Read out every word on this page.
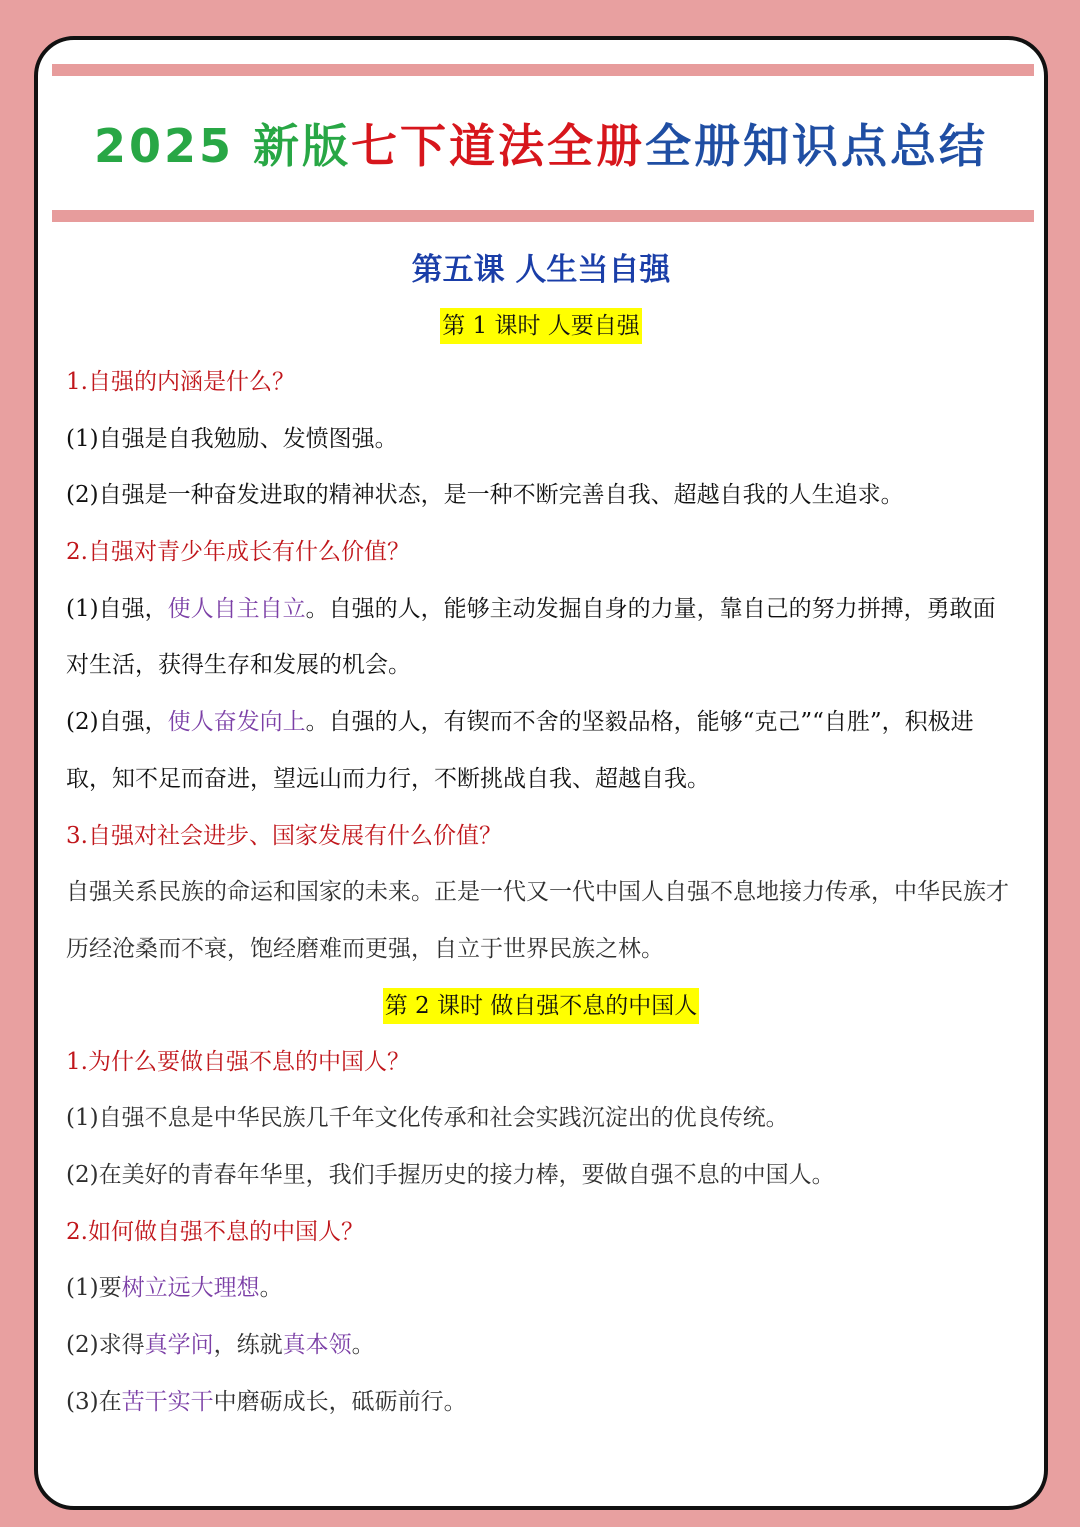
2025 新版七下道法全册全册知识点总结
第五课 人生当自强
第 1 课时 人要自强
1.自强的内涵是什么？
(1)自强是自我勉励、发愤图强。
(2)自强是一种奋发进取的精神状态，是一种不断完善自我、超越自我的人生追求。
2.自强对青少年成长有什么价值？
(1)自强，使人自主自立。自强的人，能够主动发掘自身的力量，靠自己的努力拼搏，勇敢面对生活，获得生存和发展的机会。
(2)自强，使人奋发向上。自强的人，有锲而不舍的坚毅品格，能够“克己”“自胜”，积极进取，知不足而奋进，望远山而力行，不断挑战自我、超越自我。
3.自强对社会进步、国家发展有什么价值？
自强关系民族的命运和国家的未来。正是一代又一代中国人自强不息地接力传承，中华民族才历经沧桑而不衰，饱经磨难而更强，自立于世界民族之林。
第 2 课时 做自强不息的中国人
1.为什么要做自强不息的中国人？
(1)自强不息是中华民族几千年文化传承和社会实践沉淀出的优良传统。
(2)在美好的青春年华里，我们手握历史的接力棒，要做自强不息的中国人。
2.如何做自强不息的中国人？
(1)要树立远大理想。
(2)求得真学问，练就真本领。
(3)在苦干实干中磨砺成长，砥砺前行。
